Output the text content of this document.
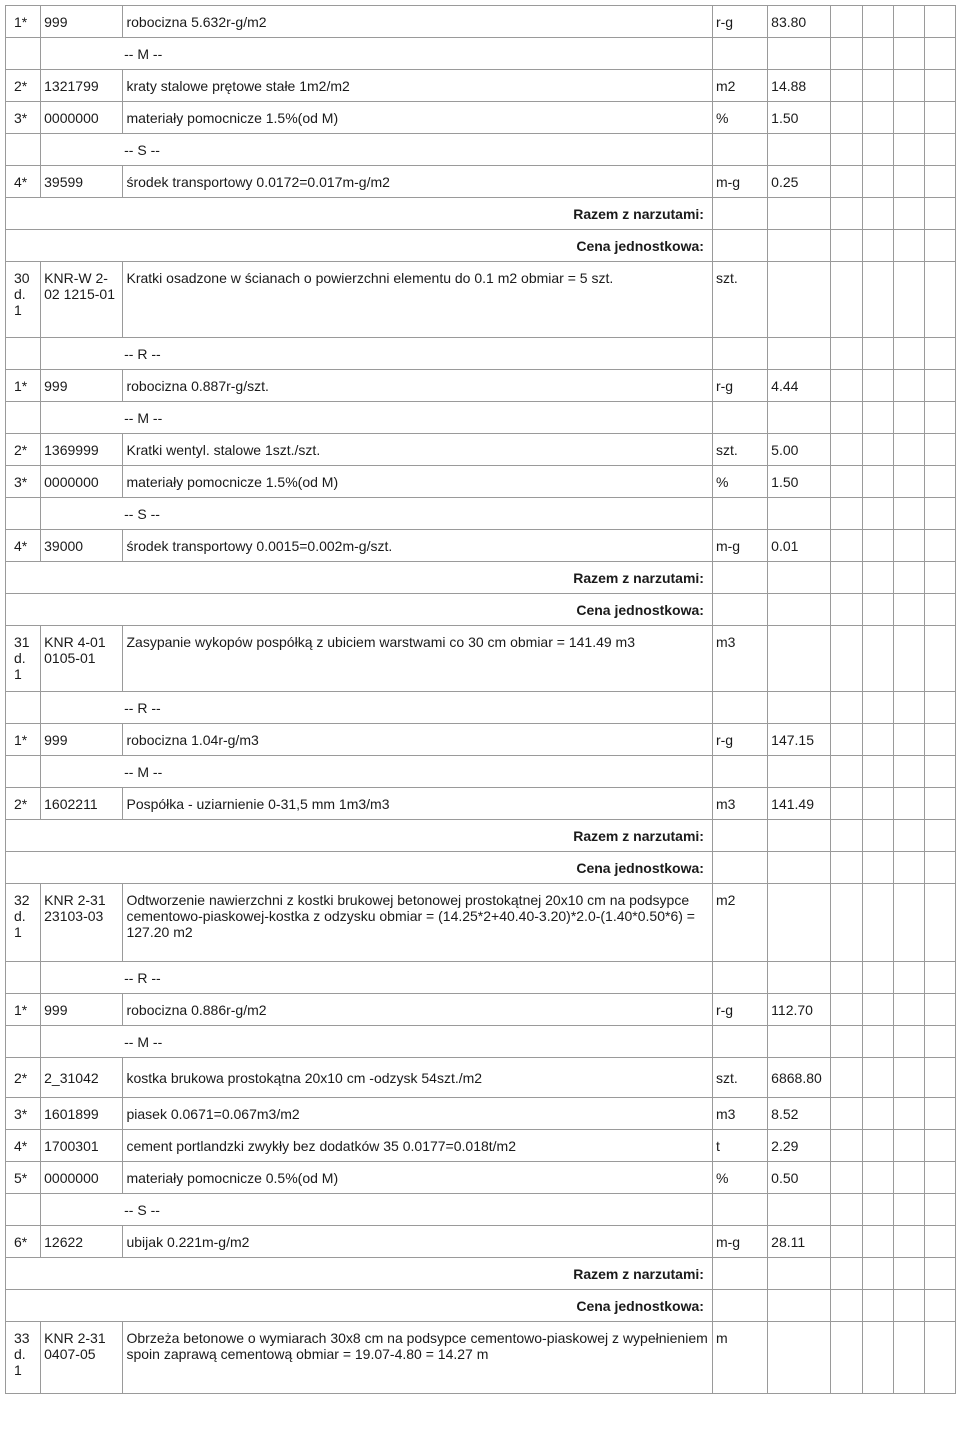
1*	999	robocizna 5.632r-g/m2	r-g	83.80				
	-- M --							
2*	1321799	kraty stalowe prętowe stałe 1m2/m2	m2	14.88				
3*	0000000	materiały pomocnicze 1.5%(od M)	%	1.50				
	-- S --							
4*	39599	środek transportowy 0.0172=0.017m-g/m2	m-g	0.25				
Razem z narzutami:								
Cena jednostkowa:								
30 d. 1	KNR-W 2-02 1215-01	Kratki osadzone w ścianach o powierzchni elementu do 0.1 m2 obmiar = 5 szt.	szt.					
	-- R --							
1*	999	robocizna 0.887r-g/szt.	r-g	4.44				
	-- M --							
2*	1369999	Kratki wentyl. stalowe 1szt./szt.	szt.	5.00				
3*	0000000	materiały pomocnicze 1.5%(od M)	%	1.50				
	-- S --							
4*	39000	środek transportowy 0.0015=0.002m-g/szt.	m-g	0.01				
Razem z narzutami:								
Cena jednostkowa:								
31 d. 1	KNR 4-01 0105-01	Zasypanie wykopów pospółką z ubiciem warstwami co 30 cm obmiar = 141.49 m3	m3					
	-- R --							
1*	999	robocizna 1.04r-g/m3	r-g	147.15				
	-- M --							
2*	1602211	Pospółka - uziarnienie 0-31,5 mm 1m3/m3	m3	141.49				
Razem z narzutami:								
Cena jednostkowa:								
32 d. 1	KNR 2-31 23103-03	Odtworzenie nawierzchni z kostki brukowej betonowej prostokątnej 20x10 cm na podsypce cementowo-piaskowej-kostka z odzysku obmiar = (14.25*2+40.40-3.20)*2.0-(1.40*0.50*6) = 127.20 m2	m2					
	-- R --							
1*	999	robocizna 0.886r-g/m2	r-g	112.70				
	-- M --							
2*	2_31042	kostka brukowa prostokątna 20x10 cm -odzysk 54szt./m2	szt.	6868.80				
3*	1601899	piasek 0.0671=0.067m3/m2	m3	8.52				
4*	1700301	cement portlandzki zwykły bez dodatków 35 0.0177=0.018t/m2	t	2.29				
5*	0000000	materiały pomocnicze 0.5%(od M)	%	0.50				
	-- S --							
6*	12622	ubijak 0.221m-g/m2	m-g	28.11				
Razem z narzutami:								
Cena jednostkowa:								
33 d. 1	KNR 2-31 0407-05	Obrzeża betonowe o wymiarach 30x8 cm na podsypce cementowo-piaskowej z wypełnieniem spoin zaprawą cementową obmiar = 19.07-4.80 = 14.27 m	m					
